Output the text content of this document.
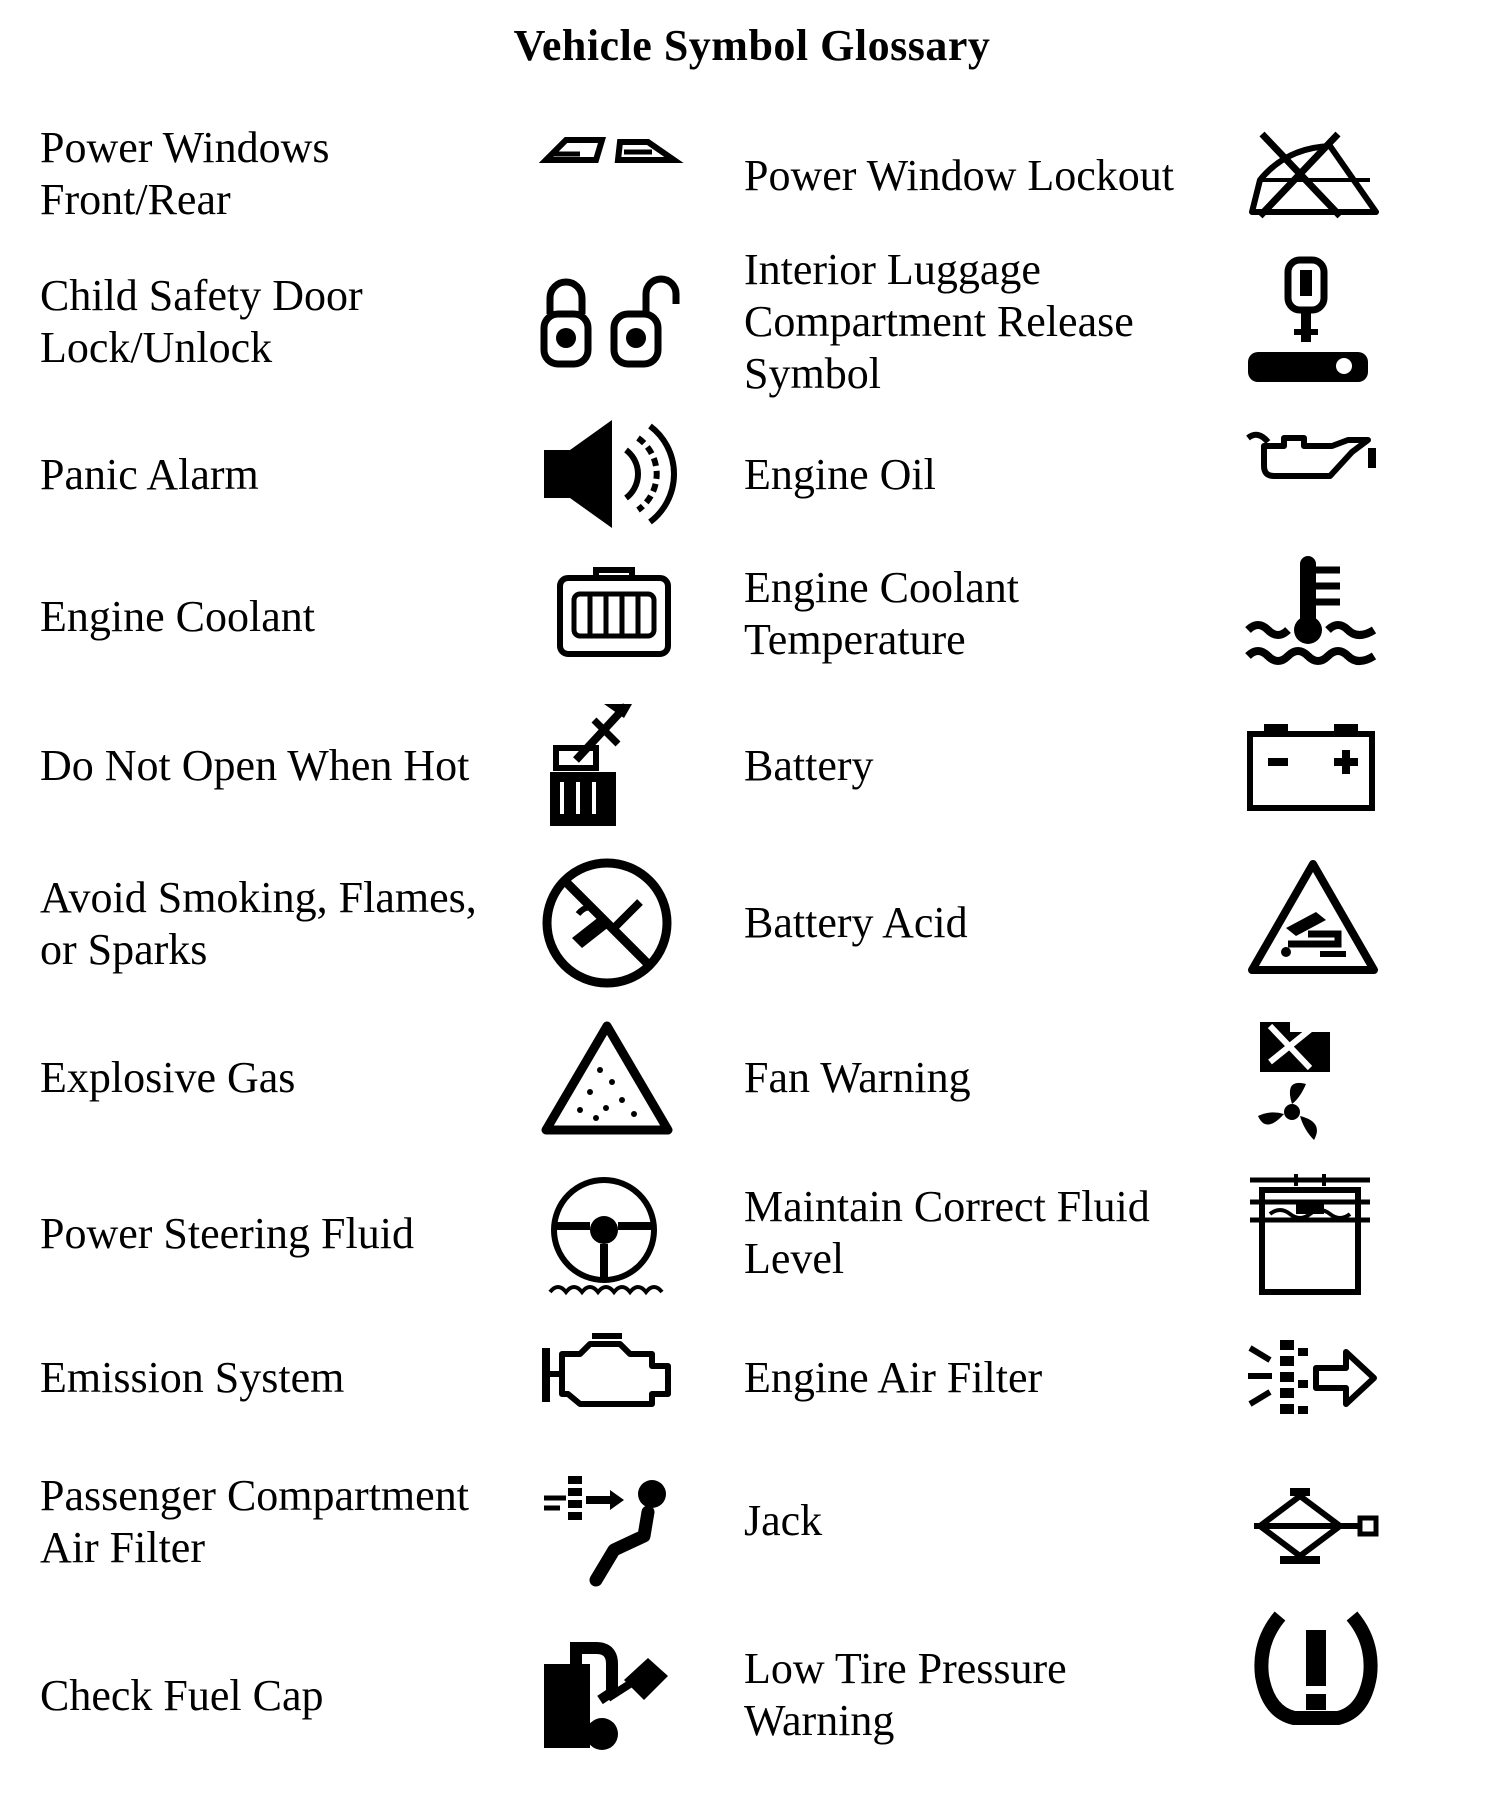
Vehicle Symbol Glossary
Power Windows
Front/Rear
Child Safety Door
Lock/Unlock
Panic Alarm
Engine Coolant
Do Not Open When Hot
Avoid Smoking, Flames,
or Sparks
Explosive Gas
Power Steering Fluid
Emission System
Passenger Compartment
Air Filter
Check Fuel Cap
Power Window Lockout
Interior Luggage
Compartment Release
Symbol
Engine Oil
Engine Coolant
Temperature
Battery
Battery Acid
Fan Warning
Maintain Correct Fluid
Level
Engine Air Filter
Jack
Low Tire Pressure
Warning
